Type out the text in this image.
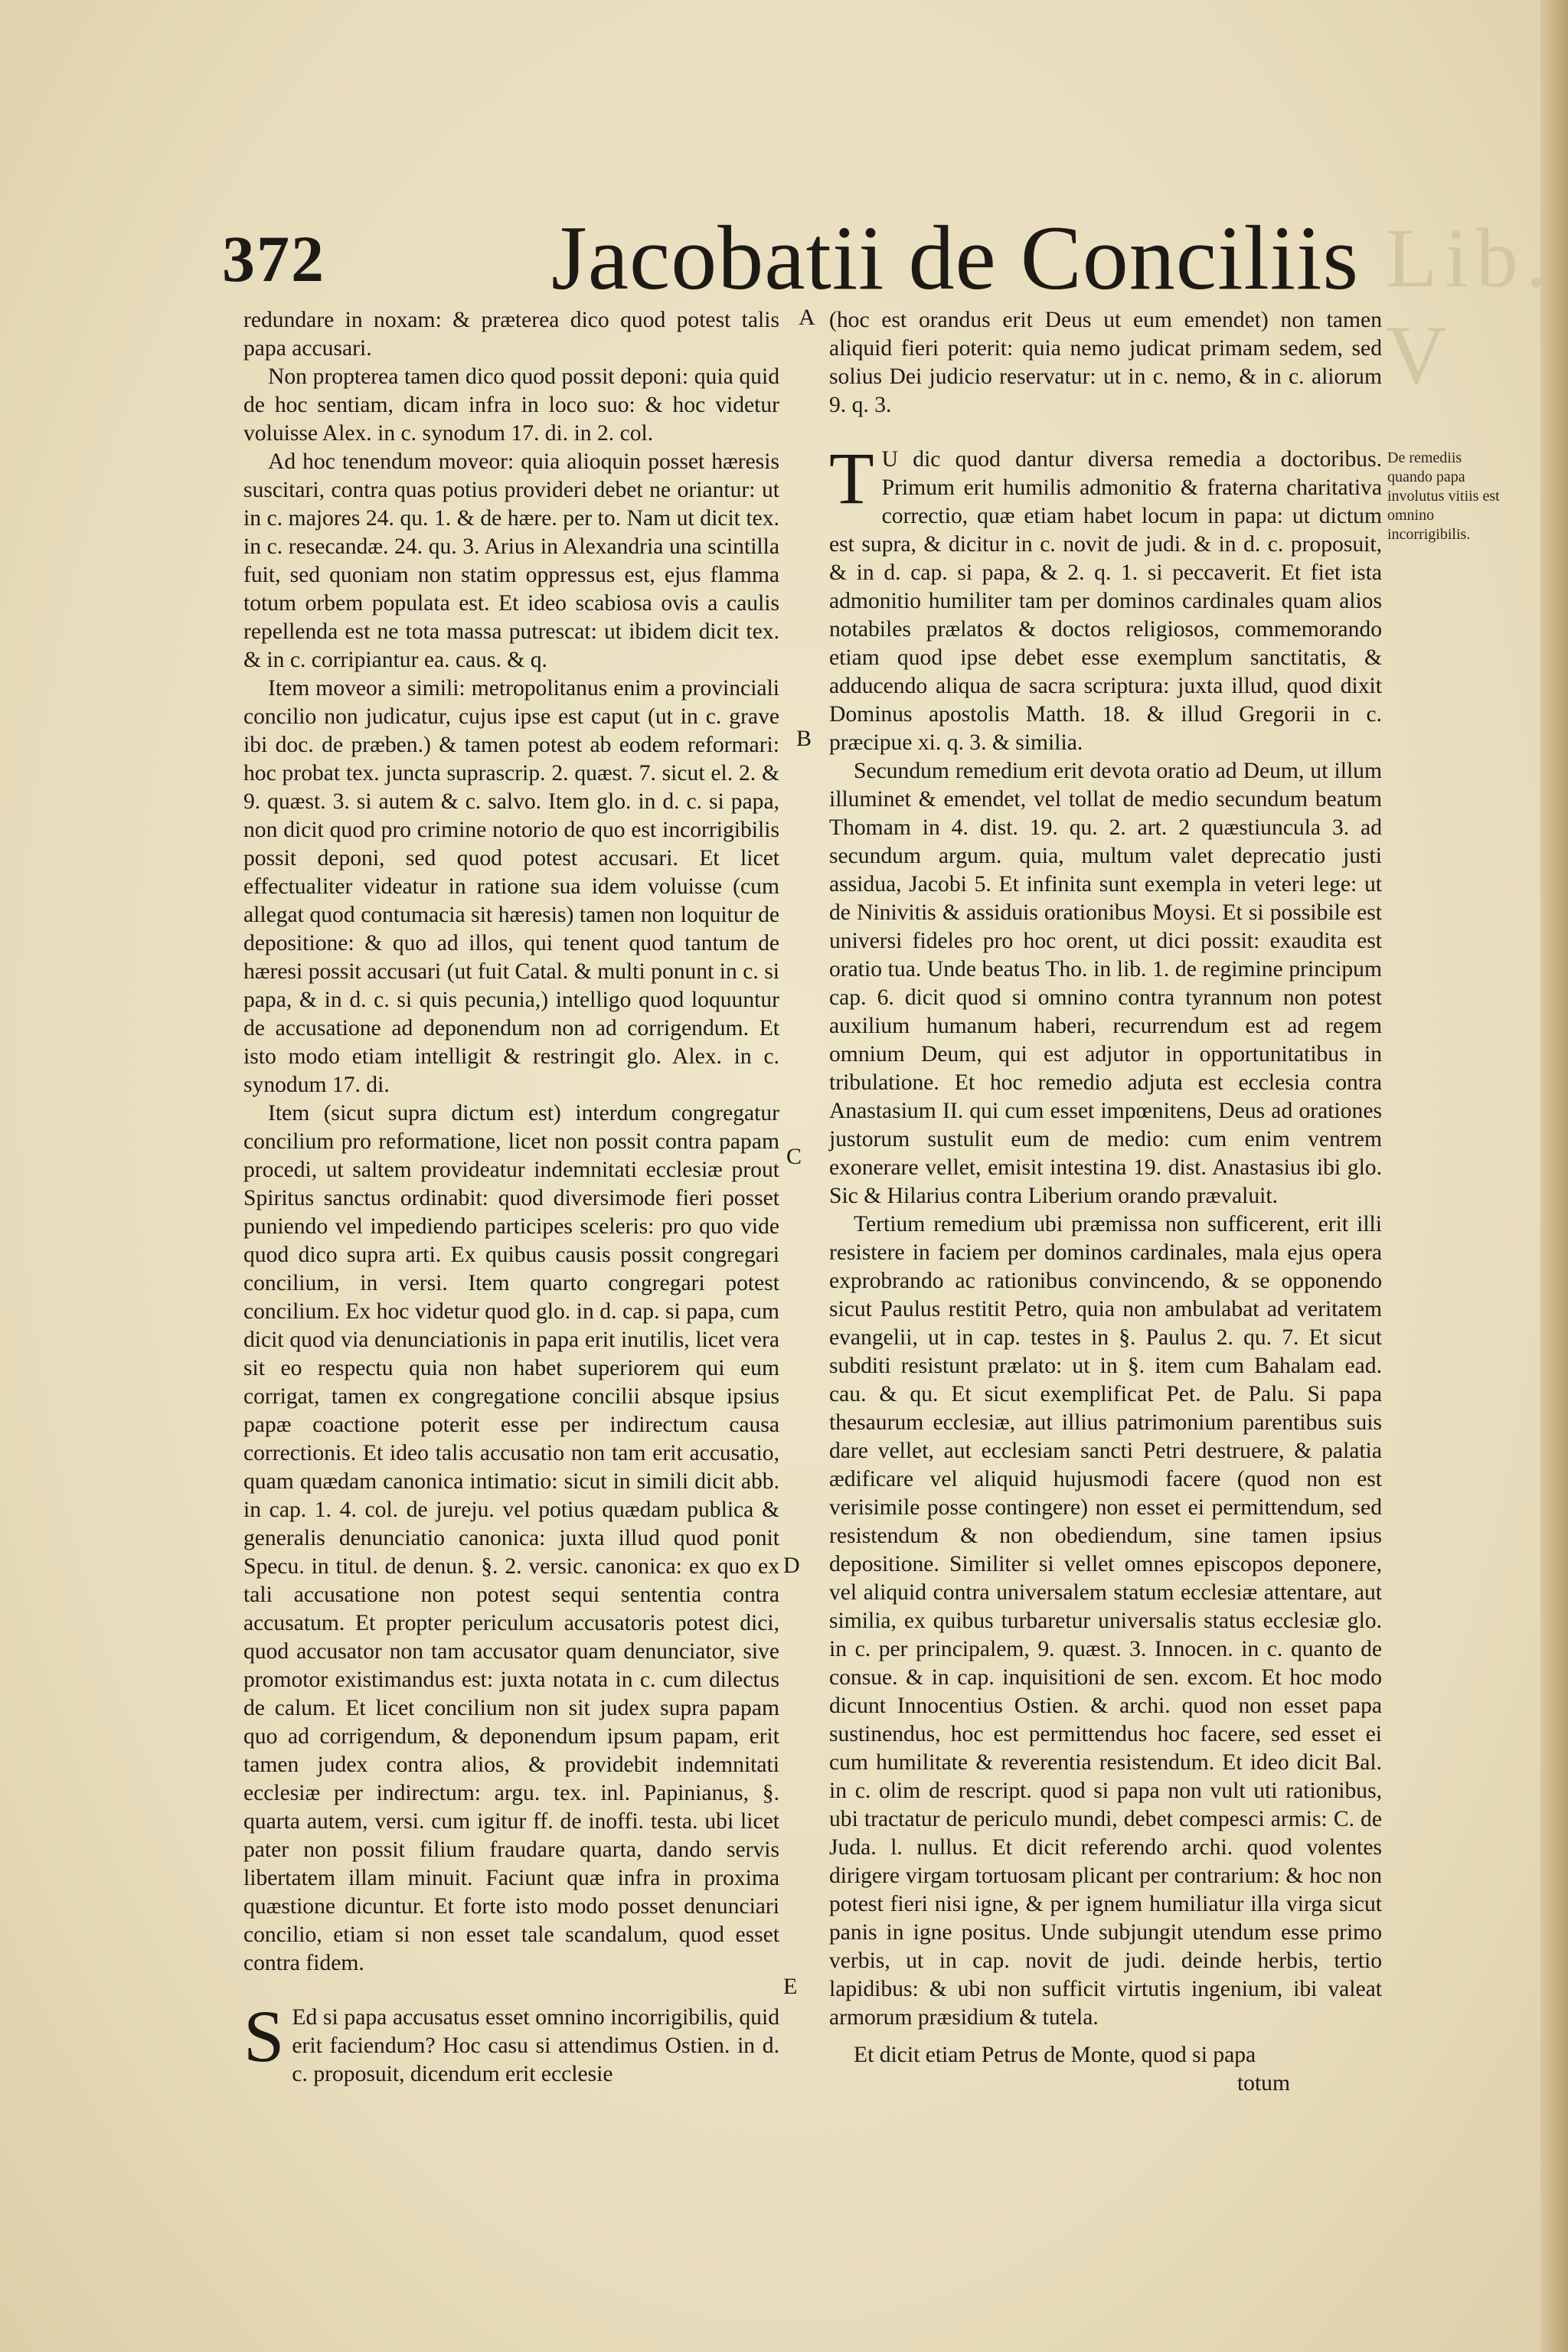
372 Jacobatii de Conciliis Lib. V

redundare in noxam: & præterea dico quod potest talis papa accusari.

Non propterea tamen dico quod possit deponi: quia quid de hoc sentiam, dicam infra in loco suo: & hoc videtur voluisse Alex. in c. synodum 17. di. in 2. col.

Ad hoc tenendum moveor: quia alioquin posset hæresis suscitari, contra quas potius provideri debet ne oriantur: ut in c. majores 24. qu. 1. & de hære. per to. Nam ut dicit tex. in c. resecandæ. 24. qu. 3. Arius in Alexandria una scintilla fuit, sed quoniam non statim oppressus est, ejus flamma totum orbem populata est. Et ideo scabiosa ovis a caulis repellenda est ne tota massa putrescat: ut ibidem dicit tex. & in c. corripiantur ea. caus. & q.

Item moveor a simili: metropolitanus enim a provinciali concilio non judicatur, cujus ipse est caput (ut in c. grave ibi doc. de præben.) & tamen potest ab eodem reformari: hoc probat tex. juncta suprascrip. 2. quæst. 7. sicut el. 2. & 9. quæst. 3. si autem & c. salvo. Item glo. in d. c. si papa, non dicit quod pro crimine notorio de quo est incorrigibilis possit deponi, sed quod potest accusari. Et licet effectualiter videatur in ratione sua idem voluisse (cum allegat quod contumacia sit hæresis) tamen non loquitur de depositione: & quo ad illos, qui tenent quod tantum de hæresi possit accusari (ut fuit Catal. & multi ponunt in c. si papa, & in d. c. si quis pecunia,) intelligo quod loquuntur de accusatione ad deponendum non ad corrigendum. Et isto modo etiam intelligit & restringit glo. Alex. in c. synodum 17. di.

Item (sicut supra dictum est) interdum congregatur concilium pro reformatione, licet non possit contra papam procedi, ut saltem provideatur indemnitati ecclesiæ prout Spiritus sanctus ordinabit: quod diversimode fieri posset puniendo vel impediendo participes sceleris: pro quo vide quod dico supra arti. Ex quibus causis possit congregari concilium, in versi. Item quarto congregari potest concilium. Ex hoc videtur quod glo. in d. cap. si papa, cum dicit quod via denunciationis in papa erit inutilis, licet vera sit eo respectu quia non habet superiorem qui eum corrigat, tamen ex congregatione concilii absque ipsius papæ coactione poterit esse per indirectum causa correctionis. Et ideo talis accusatio non tam erit accusatio, quam quædam canonica intimatio: sicut in simili dicit abb. in cap. 1. 4. col. de jureju. vel potius quædam publica & generalis denunciatio canonica: juxta illud quod ponit Specu. in titul. de denun. §. 2. versic. canonica: ex quo ex tali accusatione non potest sequi sententia contra accusatum. Et propter periculum accusatoris potest dici, quod accusator non tam accusator quam denunciator, sive promotor existimandus est: juxta notata in c. cum dilectus de calum. Et licet concilium non sit judex supra papam quo ad corrigendum, & deponendum ipsum papam, erit tamen judex contra alios, & providebit indemnitati ecclesiæ per indirectum: argu. tex. inl. Papinianus, §. quarta autem, versi. cum igitur ff. de inoffi. testa. ubi licet pater non possit filium fraudare quarta, dando servis libertatem illam minuit. Faciunt quæ infra in proxima quæstione dicuntur. Et forte isto modo posset denunciari concilio, etiam si non esset tale scandalum, quod esset contra fidem.

S Ed si papa accusatus esset omnino incorrigibilis, quid erit faciendum? Hoc casu si attendimus Ostien. in d. c. proposuit, dicendum erit ecclesie

(hoc est orandus erit Deus ut eum emendet) non tamen aliquid fieri poterit: quia nemo judicat primam sedem, sed solius Dei judicio reservatur: ut in c. nemo, & in c. aliorum 9. q. 3.

T U dic quod dantur diversa remedia a doctoribus. Primum erit humilis admonitio & fraterna charitativa correctio, quæ etiam habet locum in papa: ut dictum est supra, & dicitur in c. novit de judi. & in d. c. proposuit, & in d. cap. si papa, & 2. q. 1. si peccaverit. Et fiet ista admonitio humiliter tam per dominos cardinales quam alios notabiles prælatos & doctos religiosos, commemorando etiam quod ipse debet esse exemplum sanctitatis, & adducendo aliqua de sacra scriptura: juxta illud, quod dixit Dominus apostolis Matth. 18. & illud Gregorii in c. præcipue xi. q. 3. & similia.

Secundum remedium erit devota oratio ad Deum, ut illum illuminet & emendet, vel tollat de medio secundum beatum Thomam in 4. dist. 19. qu. 2. art. 2 quæstiuncula 3. ad secundum argum. quia, multum valet deprecatio justi assidua, Jacobi 5. Et infinita sunt exempla in veteri lege: ut de Ninivitis & assiduis orationibus Moysi. Et si possibile est universi fideles pro hoc orent, ut dici possit: exaudita est oratio tua. Unde beatus Tho. in lib. 1. de regimine principum cap. 6. dicit quod si omnino contra tyrannum non potest auxilium humanum haberi, recurrendum est ad regem omnium Deum, qui est adjutor in opportunitatibus in tribulatione. Et hoc remedio adjuta est ecclesia contra Anastasium II. qui cum esset impœnitens, Deus ad orationes justorum sustulit eum de medio: cum enim ventrem exonerare vellet, emisit intestina 19. dist. Anastasius ibi glo. Sic & Hilarius contra Liberium orando prævaluit.

Tertium remedium ubi præmissa non sufficerent, erit illi resistere in faciem per dominos cardinales, mala ejus opera exprobrando ac rationibus convincendo, & se opponendo sicut Paulus restitit Petro, quia non ambulabat ad veritatem evangelii, ut in cap. testes in §. Paulus 2. qu. 7. Et sicut subditi resistunt prælato: ut in §. item cum Bahalam ead. cau. & qu. Et sicut exemplificat Pet. de Palu. Si papa thesaurum ecclesiæ, aut illius patrimonium parentibus suis dare vellet, aut ecclesiam sancti Petri destruere, & palatia ædificare vel aliquid hujusmodi facere (quod non est verisimile posse contingere) non esset ei permittendum, sed resistendum & non obediendum, sine tamen ipsius depositione. Similiter si vellet omnes episcopos deponere, vel aliquid contra universalem statum ecclesiæ attentare, aut similia, ex quibus turbaretur universalis status ecclesiæ glo. in c. per principalem, 9. quæst. 3. Innocen. in c. quanto de consue. & in cap. inquisitioni de sen. excom. Et hoc modo dicunt Innocentius Ostien. & archi. quod non esset papa sustinendus, hoc est permittendus hoc facere, sed esset ei cum humilitate & reverentia resistendum. Et ideo dicit Bal. in c. olim de rescript. quod si papa non vult uti rationibus, ubi tractatur de periculo mundi, debet compesci armis: C. de Juda. l. nullus. Et dicit referendo archi. quod volentes dirigere virgam tortuosam plicant per contrarium: & hoc non potest fieri nisi igne, & per ignem humiliatur illa virga sicut panis in igne positus. Unde subjungit utendum esse primo verbis, ut in cap. novit de judi. deinde herbis, tertio lapidibus: & ubi non sufficit virtutis ingenium, ibi valeat armorum præsidium & tutela.

Et dicit etiam Petrus de Monte, quod si papa

totum

De remediis quando papa involutus vitiis est omnino incorrigibilis.
A
B
C
D
E
